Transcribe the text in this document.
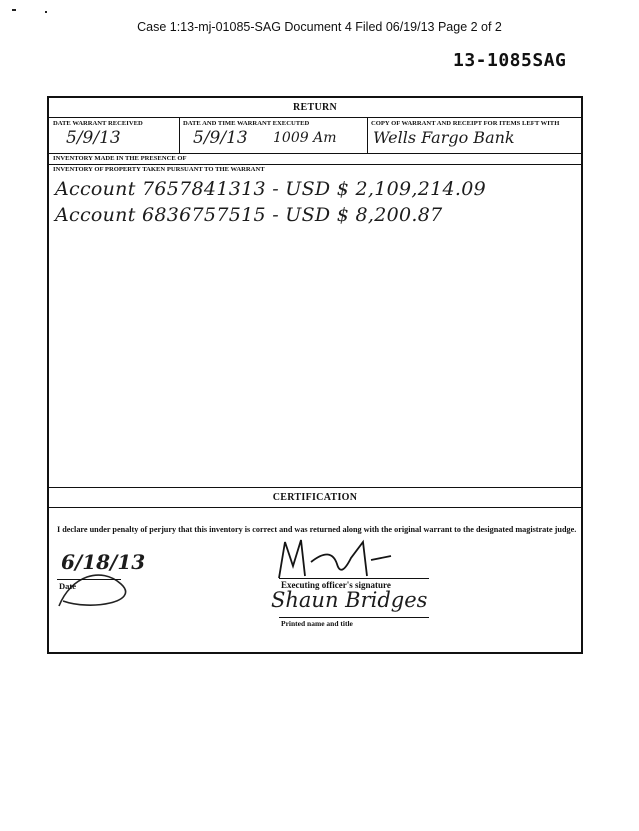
Case 1:13-mj-01085-SAG Document 4 Filed 06/19/13 Page 2 of 2
13-1085SAG
RETURN
DATE WARRANT RECEIVED	DATE AND TIME WARRANT EXECUTED	COPY OF WARRANT AND RECEIPT FOR ITEMS LEFT WITH
5/9/13	5/9/13 1009 Am Wells Fargo Bank
INVENTORY MADE IN THE PRESENCE OF
INVENTORY OF PROPERTY TAKEN PURSUANT TO THE WARRANT
Account 7657841313 - USD $ 2,109,214.09
Account 6836757515 - USD $ 8,200.87
CERTIFICATION
I declare under penalty of perjury that this inventory is correct and was returned along with the original warrant to the designated magistrate judge.
6/18/13
Date	Executing officer's signature
Shaun Bridges
Printed name and title
